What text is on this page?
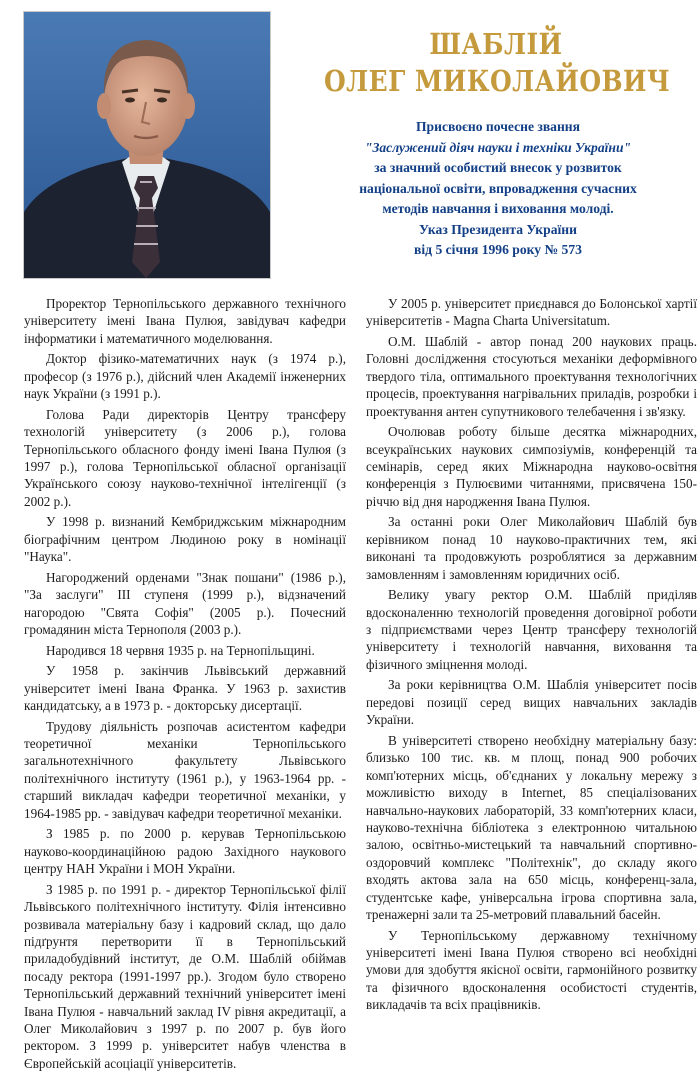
ШАБЛІЙ
ОЛЕГ МИКОЛАЙОВИЧ
Присвоєно почесне звання
"Заслужений діяч науки і техніки України"
за значний особистий внесок у розвиток
національної освіти, впровадження сучасних
методів навчання і виховання молоді.
Указ Президента України
від 5 січня 1996 року № 573

Проректор Тернопільського державного технічного університету імені Івана Пулюя, завідувач кафедри інформатики і математичного моделювання.

Доктор фізико-математичних наук (з 1974 р.), професор (з 1976 р.), дійсний член Академії інженерних наук України (з 1991 р.).

Голова Ради директорів Центру трансферу технологій університету (з 2006 р.), голова Тернопільського обласного фонду імені Івана Пулюя (з 1997 р.), голова Тернопільської обласної організації Українського союзу науково-технічної інтелігенції (з 2002 р.).

У 1998 р. визнаний Кембриджським міжнародним біографічним центром Людиною року в номінації "Наука".

Нагороджений орденами "Знак пошани" (1986 р.), "За заслуги" ІІІ ступеня (1999 р.), відзначений нагородою "Свята Софія" (2005 р.). Почесний громадянин міста Тернополя (2003 р.).

Народився 18 червня 1935 р. на Тернопільщині.

У 1958 р. закінчив Львівський державний університет імені Івана Франка. У 1963 р. захистив кандидатську, а в 1973 р. - докторську дисертації.

Трудову діяльність розпочав асистентом кафедри теоретичної механіки Тернопільського загальнотехнічного факультету Львівського політехнічного інституту (1961 р.), у 1963-1964 рр. - старший викладач кафедри теоретичної механіки, у 1964-1985 рр. - завідувач кафедри теоретичної механіки.

З 1985 р. по 2000 р. керував Тернопільською науково-координаційною радою Західного наукового центру НАН України і МОН України.

З 1985 р. по 1991 р. - директор Тернопільської філії Львівського політехнічного інституту. Філія інтенсивно розвивала матеріальну базу і кадровий склад, що дало підґрунтя перетворити її в Тернопільський приладобудівний інститут, де О.М. Шаблій обіймав посаду ректора (1991-1997 рр.). Згодом було створено Тернопільський державний технічний університет імені Івана Пулюя - навчальний заклад IV рівня акредитації, а Олег Миколайович з 1997 р. по 2007 р. був його ректором. З 1999 р. університет набув членства в Європейській асоціації університетів.

У 2005 р. університет приєднався до Болонської хартії університетів - Magna Charta Universitatum.

О.М. Шаблій - автор понад 200 наукових праць. Головні дослідження стосуються механіки деформівного твердого тіла, оптимального проектування технологічних процесів, проектування нагрівальних приладів, розробки і проектування антен супутникового телебачення і зв'язку.

Очолював роботу більше десятка міжнародних, всеукраїнських наукових симпозіумів, конференцій та семінарів, серед яких Міжнародна науково-освітня конференція з Пулюєвими читаннями, присвячена 150-річчю від дня народження Івана Пулюя.

За останні роки Олег Миколайович Шаблій був керівником понад 10 науково-практичних тем, які виконані та продовжують розроблятися за державним замовленням і замовленням юридичних осіб.

Велику увагу ректор О.М. Шаблій приділяв вдосконаленню технологій проведення договірної роботи з підприємствами через Центр трансферу технологій університету і технологій навчання, виховання та фізичного зміцнення молоді.

За роки керівництва О.М. Шаблія університет посів передові позиції серед вищих навчальних закладів України.

В університеті створено необхідну матеріальну базу: близько 100 тис. кв. м площ, понад 900 робочих комп'ютерних місць, об'єднаних у локальну мережу з можливістю виходу в Internet, 85 спеціалізованих навчально-наукових лабораторій, 33 комп'ютерних класи, науково-технічна бібліотека з електронною читальною залою, освітньо-мистецький та навчальний спортивно-оздоровчий комплекс "Політехнік", до складу якого входять актова зала на 650 місць, конференц-зала, студентське кафе, універсальна ігрова спортивна зала, тренажерні зали та 25-метровий плавальний басейн.

У Тернопільському державному технічному університеті імені Івана Пулюя створено всі необхідні умови для здобуття якісної освіти, гармонійного розвитку та фізичного вдосконалення особистості студентів, викладачів та всіх працівників.
